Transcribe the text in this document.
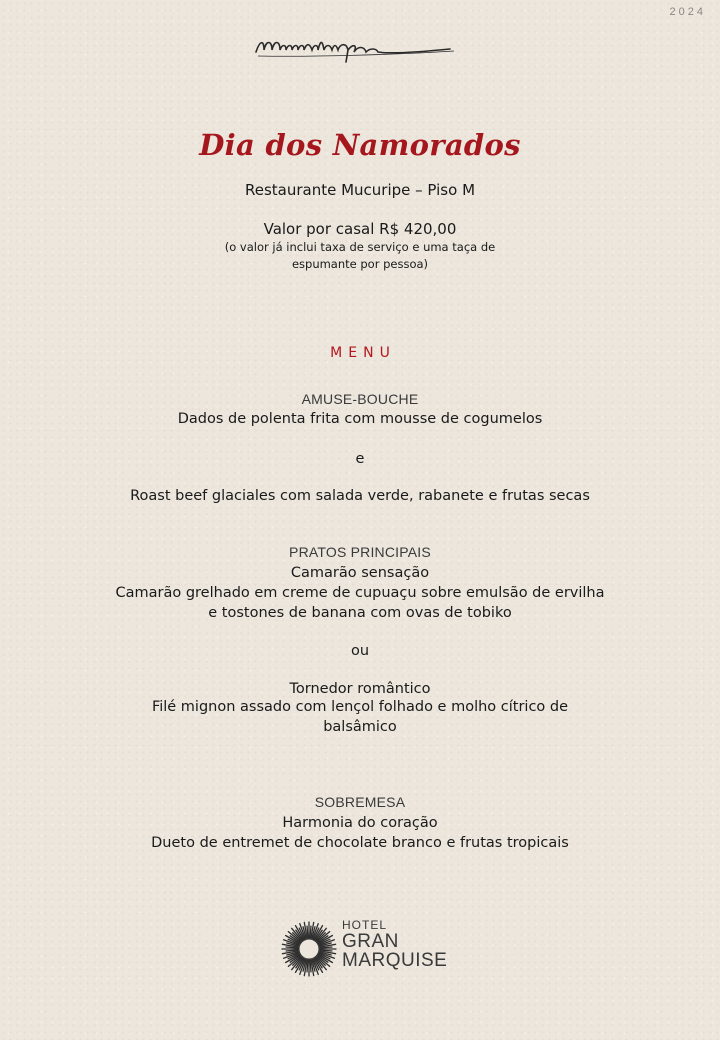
2024
Dia dos Namorados
Restaurante Mucuripe – Piso M
Valor por casal R$ 420,00
(o valor já inclui taxa de serviço e uma taça de
espumante por pessoa)
MENU
AMUSE-BOUCHE
Dados de polenta frita com mousse de cogumelos
e
Roast beef glaciales com salada verde, rabanete e frutas secas
PRATOS PRINCIPAIS
Camarão sensação
Camarão grelhado em creme de cupuaçu sobre emulsão de ervilha
e tostones de banana com ovas de tobiko
ou
Tornedor romântico
Filé mignon assado com lençol folhado e molho cítrico de
balsâmico
SOBREMESA
Harmonia do coração
Dueto de entremet de chocolate branco e frutas tropicais
HOTEL
GRAN
MARQUISE
